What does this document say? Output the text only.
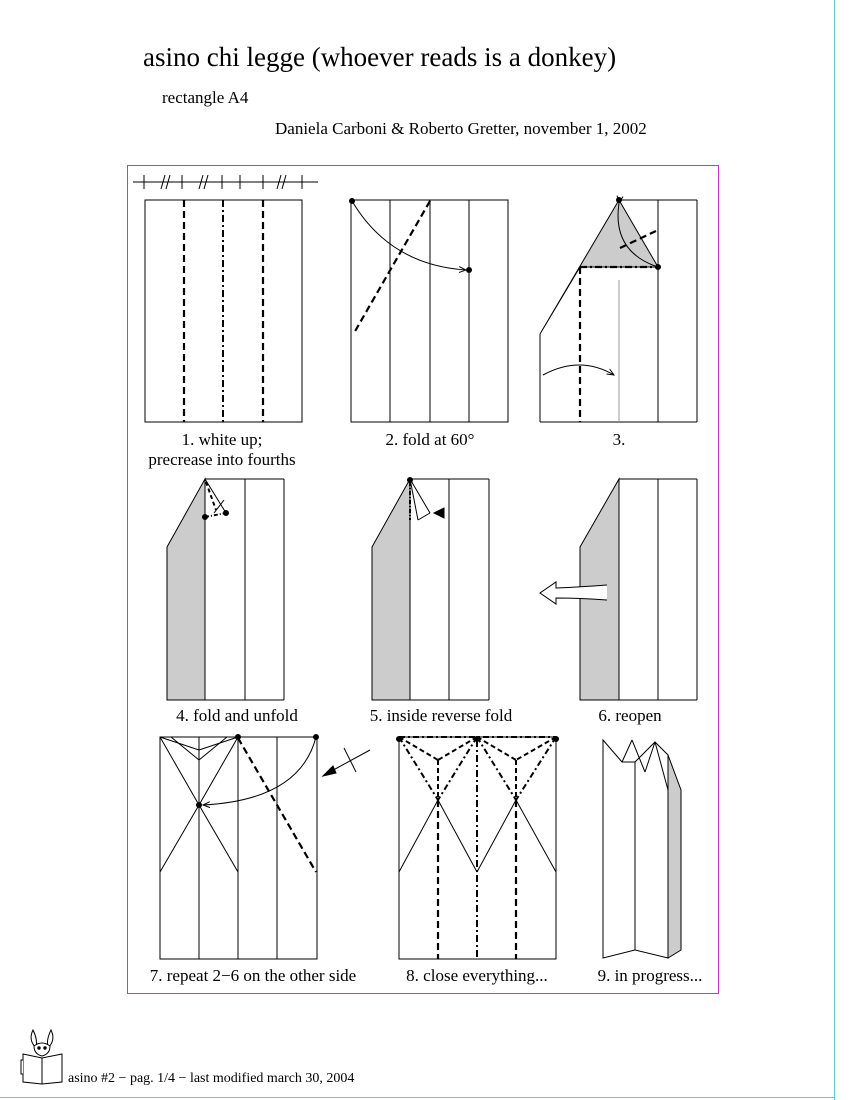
asino chi legge (whoever reads is a donkey)
rectangle A4
Daniela Carboni & Roberto Gretter, november 1, 2002
1. white up;
precrease into fourths
2. fold at 60°	3.
4. fold and unfold	5. inside reverse fold	6. reopen
7. repeat 2−6 on the other side	8. close everything...	9. in progress...
asino #2 − pag. 1/4 − last modified march 30, 2004
